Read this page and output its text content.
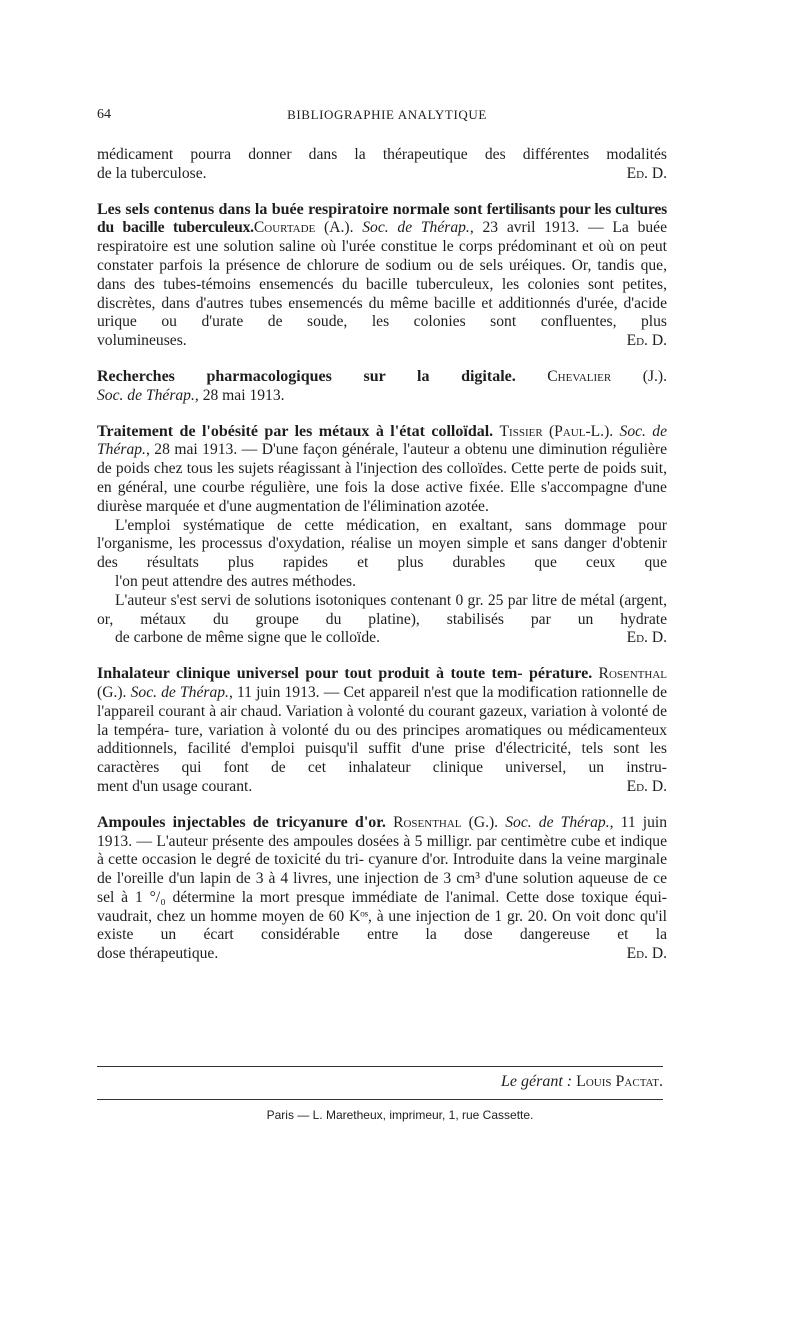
64	BIBLIOGRAPHIE ANALYTIQUE

médicament pourra donner dans la thérapeutique des différentes modalités
de la tuberculose.	Ed. D.

Les sels contenus dans la buée respiratoire normale sont fertilisants pour les cultures du bacille tuberculeux.Courtade (A.). Soc. de Thérap., 23 avril 1913. — La buée respiratoire est une solution saline où l'urée constitue le corps prédominant et où on peut constater parfois la présence de chlorure de sodium ou de sels uréiques. Or, tandis que, dans des tubes-témoins ensemencés du bacille tuberculeux, les colonies sont petites, discrètes, dans d'autres tubes ensemencés du même bacille et additionnés d'urée, d'acide urique ou d'urate de soude, les colonies sont confluentes, plus
volumineuses.	Ed. D.

Recherches pharmacologiques sur la digitale. Chevalier (J.).
Soc. de Thérap., 28 mai 1913.

Traitement de l'obésité par les métaux à l'état colloïdal. Tissier (Paul-L.). Soc. de Thérap., 28 mai 1913. — D'une façon générale, l'auteur a obtenu une diminution régulière de poids chez tous les sujets réagissant à l'injection des colloïdes. Cette perte de poids suit, en général, une courbe régulière, une fois la dose active fixée. Elle s'accompagne d'une
diurèse marquée et d'une augmentation de l'élimination azotée.

L'emploi systématique de cette médication, en exaltant, sans dommage pour l'organisme, les processus d'oxydation, réalise un moyen simple et sans danger d'obtenir des résultats plus rapides et plus durables que ceux que
l'on peut attendre des autres méthodes.

L'auteur s'est servi de solutions isotoniques contenant 0 gr. 25 par litre de métal (argent, or, métaux du groupe du platine), stabilisés par un hydrate
de carbone de même signe que le colloïde.	Ed. D.

Inhalateur clinique universel pour tout produit à toute tem- pérature. Rosenthal (G.). Soc. de Thérap., 11 juin 1913. — Cet appareil n'est que la modification rationnelle de l'appareil courant à air chaud. Variation à volonté du courant gazeux, variation à volonté de la tempéra- ture, variation à volonté du ou des principes aromatiques ou médicamenteux additionnels, facilité d'emploi puisqu'il suffit d'une prise d'électricité, tels sont les caractères qui font de cet inhalateur clinique universel, un instru-
ment d'un usage courant.	Ed. D.

Ampoules injectables de tricyanure d'or. Rosenthal (G.). Soc. de Thérap., 11 juin 1913. — L'auteur présente des ampoules dosées à 5 milligr. par centimètre cube et indique à cette occasion le degré de toxicité du tri- cyanure d'or. Introduite dans la veine marginale de l'oreille d'un lapin de 3 à 4 livres, une injection de 3 cm³ d'une solution aqueuse de ce sel à 1 °/₀ détermine la mort presque immédiate de l'animal. Cette dose toxique équi- vaudrait, chez un homme moyen de 60 Kᵒˢ, à une injection de 1 gr. 20. On voit donc qu'il existe un écart considérable entre la dose dangereuse et la
dose thérapeutique.	Ed. D.

Le gérant : Louis Pactat.
Paris — L. Maretheux, imprimeur, 1, rue Cassette.
